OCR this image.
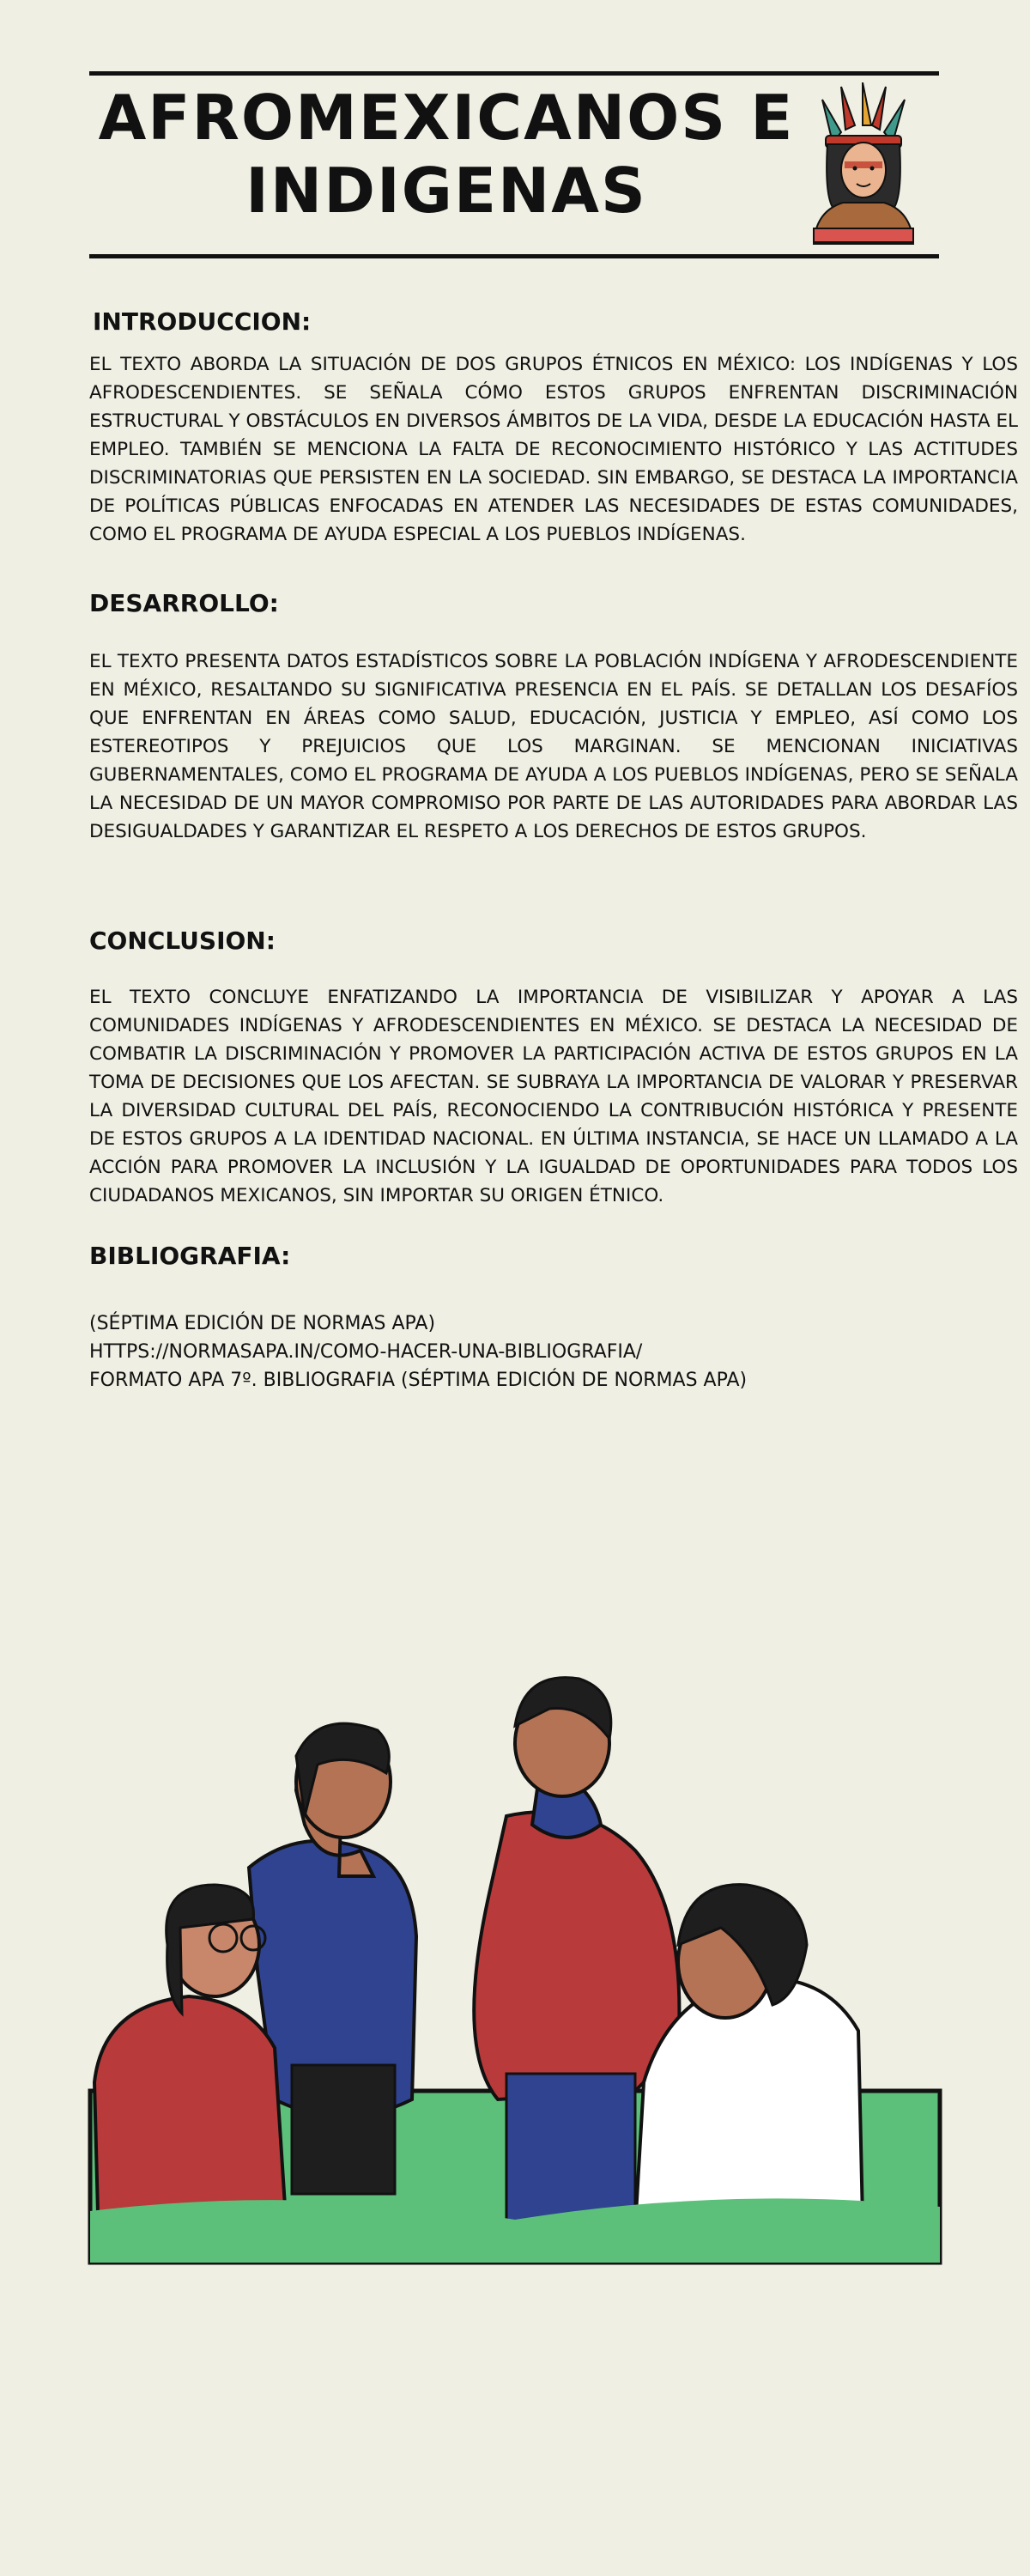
AFROMEXICANOS E
INDIGENAS
INTRODUCCION:
EL TEXTO ABORDA LA SITUACIÓN DE DOS GRUPOS ÉTNICOS EN MÉXICO: LOS INDÍGENAS Y LOS AFRODESCENDIENTES. SE SEÑALA CÓMO ESTOS GRUPOS ENFRENTAN DISCRIMINACIÓN ESTRUCTURAL Y OBSTÁCULOS EN DIVERSOS ÁMBITOS DE LA VIDA, DESDE LA EDUCACIÓN HASTA EL EMPLEO. TAMBIÉN SE MENCIONA LA FALTA DE RECONOCIMIENTO HISTÓRICO Y LAS ACTITUDES DISCRIMINATORIAS QUE PERSISTEN EN LA SOCIEDAD. SIN EMBARGO, SE DESTACA LA IMPORTANCIA DE POLÍTICAS PÚBLICAS ENFOCADAS EN ATENDER LAS NECESIDADES DE ESTAS COMUNIDADES, COMO EL PROGRAMA DE AYUDA ESPECIAL A LOS PUEBLOS INDÍGENAS.
DESARROLLO:
EL TEXTO PRESENTA DATOS ESTADÍSTICOS SOBRE LA POBLACIÓN INDÍGENA Y AFRODESCENDIENTE EN MÉXICO, RESALTANDO SU SIGNIFICATIVA PRESENCIA EN EL PAÍS. SE DETALLAN LOS DESAFÍOS QUE ENFRENTAN EN ÁREAS COMO SALUD, EDUCACIÓN, JUSTICIA Y EMPLEO, ASÍ COMO LOS ESTEREOTIPOS Y PREJUICIOS QUE LOS MARGINAN. SE MENCIONAN INICIATIVAS GUBERNAMENTALES, COMO EL PROGRAMA DE AYUDA A LOS PUEBLOS INDÍGENAS, PERO SE SEÑALA LA NECESIDAD DE UN MAYOR COMPROMISO POR PARTE DE LAS AUTORIDADES PARA ABORDAR LAS DESIGUALDADES Y GARANTIZAR EL RESPETO A LOS DERECHOS DE ESTOS GRUPOS.
CONCLUSION:
EL TEXTO CONCLUYE ENFATIZANDO LA IMPORTANCIA DE VISIBILIZAR Y APOYAR A LAS COMUNIDADES INDÍGENAS Y AFRODESCENDIENTES EN MÉXICO. SE DESTACA LA NECESIDAD DE COMBATIR LA DISCRIMINACIÓN Y PROMOVER LA PARTICIPACIÓN ACTIVA DE ESTOS GRUPOS EN LA TOMA DE DECISIONES QUE LOS AFECTAN. SE SUBRAYA LA IMPORTANCIA DE VALORAR Y PRESERVAR LA DIVERSIDAD CULTURAL DEL PAÍS, RECONOCIENDO LA CONTRIBUCIÓN HISTÓRICA Y PRESENTE DE ESTOS GRUPOS A LA IDENTIDAD NACIONAL. EN ÚLTIMA INSTANCIA, SE HACE UN LLAMADO A LA ACCIÓN PARA PROMOVER LA INCLUSIÓN Y LA IGUALDAD DE OPORTUNIDADES PARA TODOS LOS CIUDADANOS MEXICANOS, SIN IMPORTAR SU ORIGEN ÉTNICO.
BIBLIOGRAFIA:
(SÉPTIMA EDICIÓN DE NORMAS APA)
HTTPS://NORMASAPA.IN/COMO-HACER-UNA-BIBLIOGRAFIA/
FORMATO APA 7º. BIBLIOGRAFIA (SÉPTIMA EDICIÓN DE NORMAS APA)
